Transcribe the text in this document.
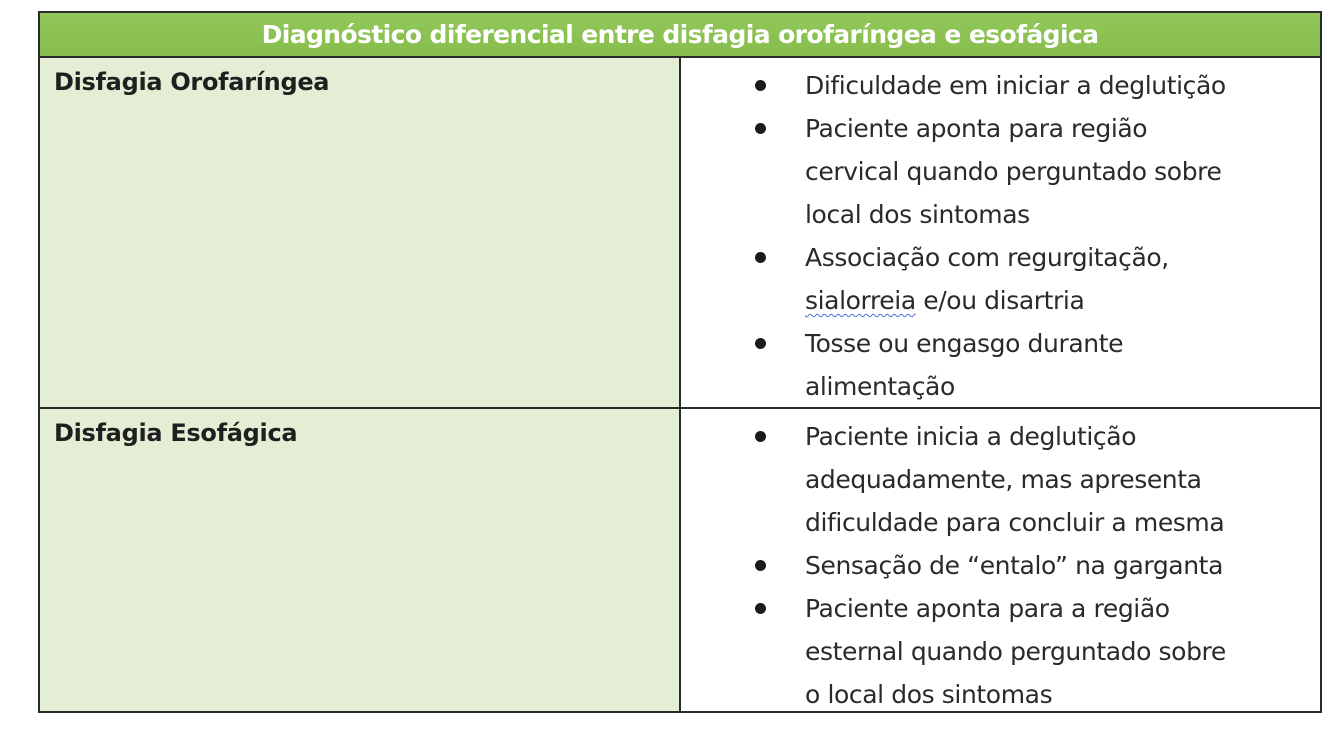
Diagnóstico diferencial entre disfagia orofaríngea e esofágica
Disfagia Orofaríngea	Dificuldade em iniciar a deglutição
Paciente aponta para região
cervical quando perguntado sobre
local dos sintomas
Associação com regurgitação,
sialorreia e/ou disartria
Tosse ou engasgo durante
alimentação
Disfagia Esofágica	Paciente inicia a deglutição
adequadamente, mas apresenta
dificuldade para concluir a mesma
Sensação de “entalo” na garganta
Paciente aponta para a região
esternal quando perguntado sobre
o local dos sintomas
